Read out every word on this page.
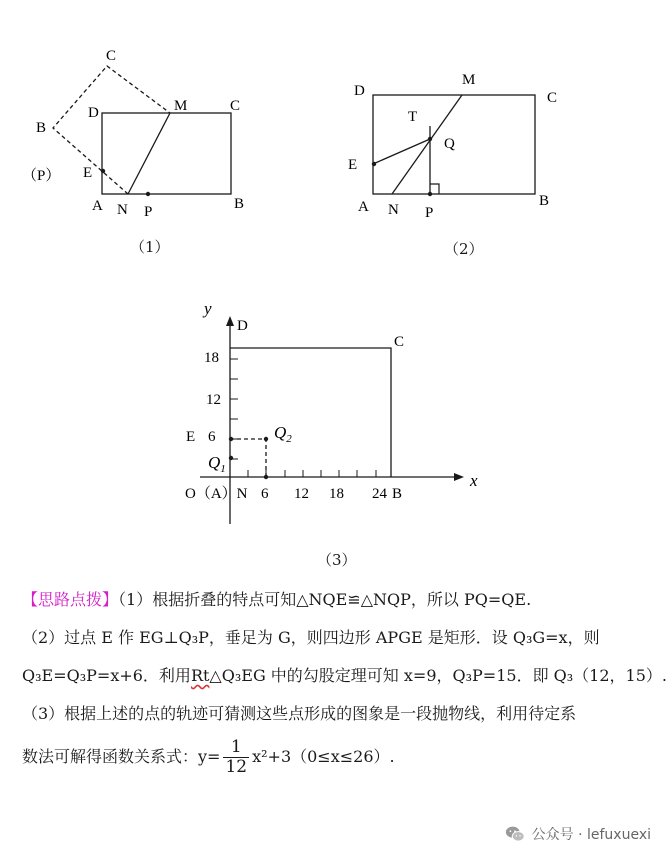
C
B
D	M	C
（P） E
A N P	B
（1）
D
M
C
T
Q
E
A N P
B
（2）
y
x
D
C
18
12
E 6	$Q_2$
$Q_1$
O（A）N 6 12 18 24 B
（3）
【思路点拨】（1）根据折叠的特点可知△NQE≌△NQP，所以 PQ=QE.
（2）过点 E 作 EG⊥Q₃P，垂足为 G，则四边形 APGE 是矩形．设 Q₃G=x，则
Q₃E=Q₃P=x+6．利用Rt△Q₃EG 中的勾股定理可知 x=9，Q₃P=15．即 Q₃（12，15）.
（3）根据上述的点的轨迹可猜测这些点形成的图象是一段抛物线，利用待定系
数法可解得函数关系式：$y= \frac{1}{12} x^2+3(0\le x\le 26)$.
公众号 · lefuxuexi
